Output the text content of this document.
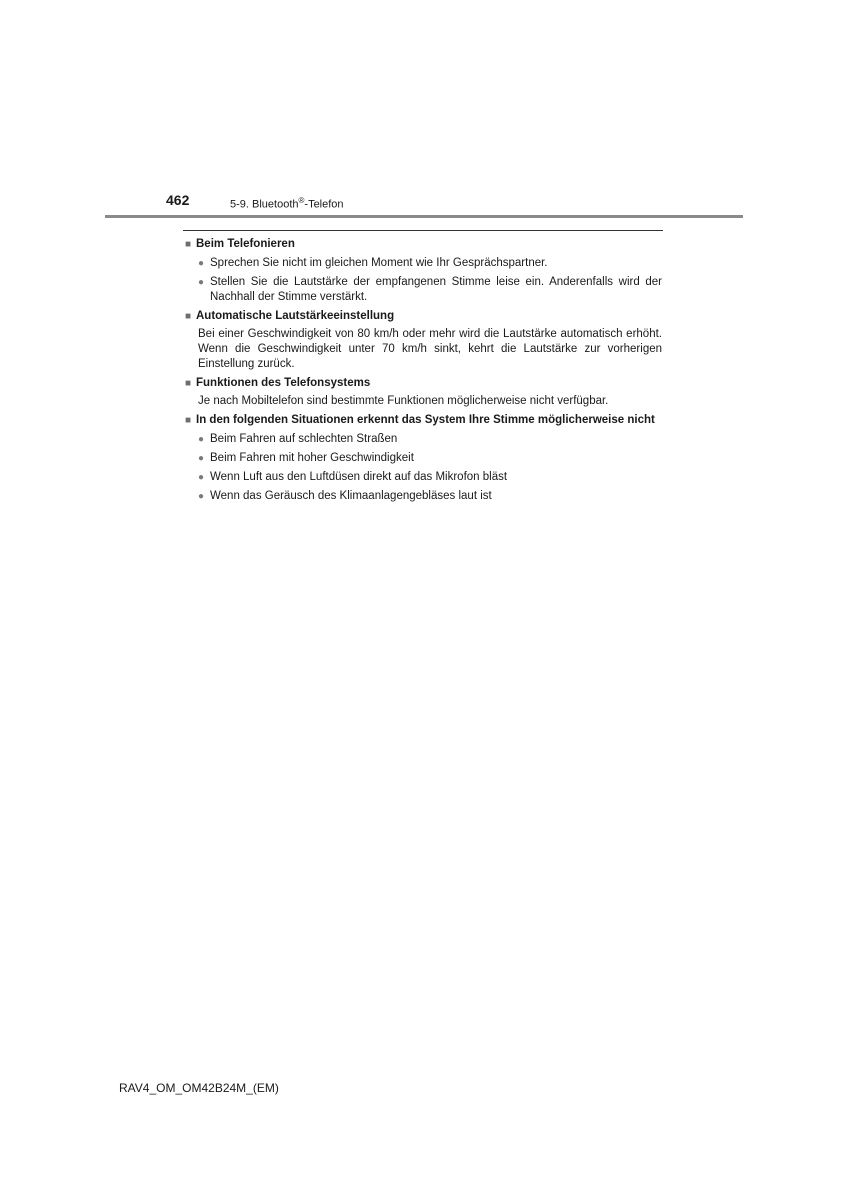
462	5-9. Bluetooth®-Telefon
■ Beim Telefonieren
● Sprechen Sie nicht im gleichen Moment wie Ihr Gesprächspartner.
● Stellen Sie die Lautstärke der empfangenen Stimme leise ein. Anderenfalls wird der Nachhall der Stimme verstärkt.
■ Automatische Lautstärkeeinstellung
Bei einer Geschwindigkeit von 80 km/h oder mehr wird die Lautstärke automatisch erhöht. Wenn die Geschwindigkeit unter 70 km/h sinkt, kehrt die Lautstärke zur vorherigen Einstellung zurück.
■ Funktionen des Telefonsystems
Je nach Mobiltelefon sind bestimmte Funktionen möglicherweise nicht verfügbar.
■ In den folgenden Situationen erkennt das System Ihre Stimme möglicherweise nicht
● Beim Fahren auf schlechten Straßen
● Beim Fahren mit hoher Geschwindigkeit
● Wenn Luft aus den Luftdüsen direkt auf das Mikrofon bläst
● Wenn das Geräusch des Klimaanlagengebläses laut ist
RAV4_OM_OM42B24M_(EM)
